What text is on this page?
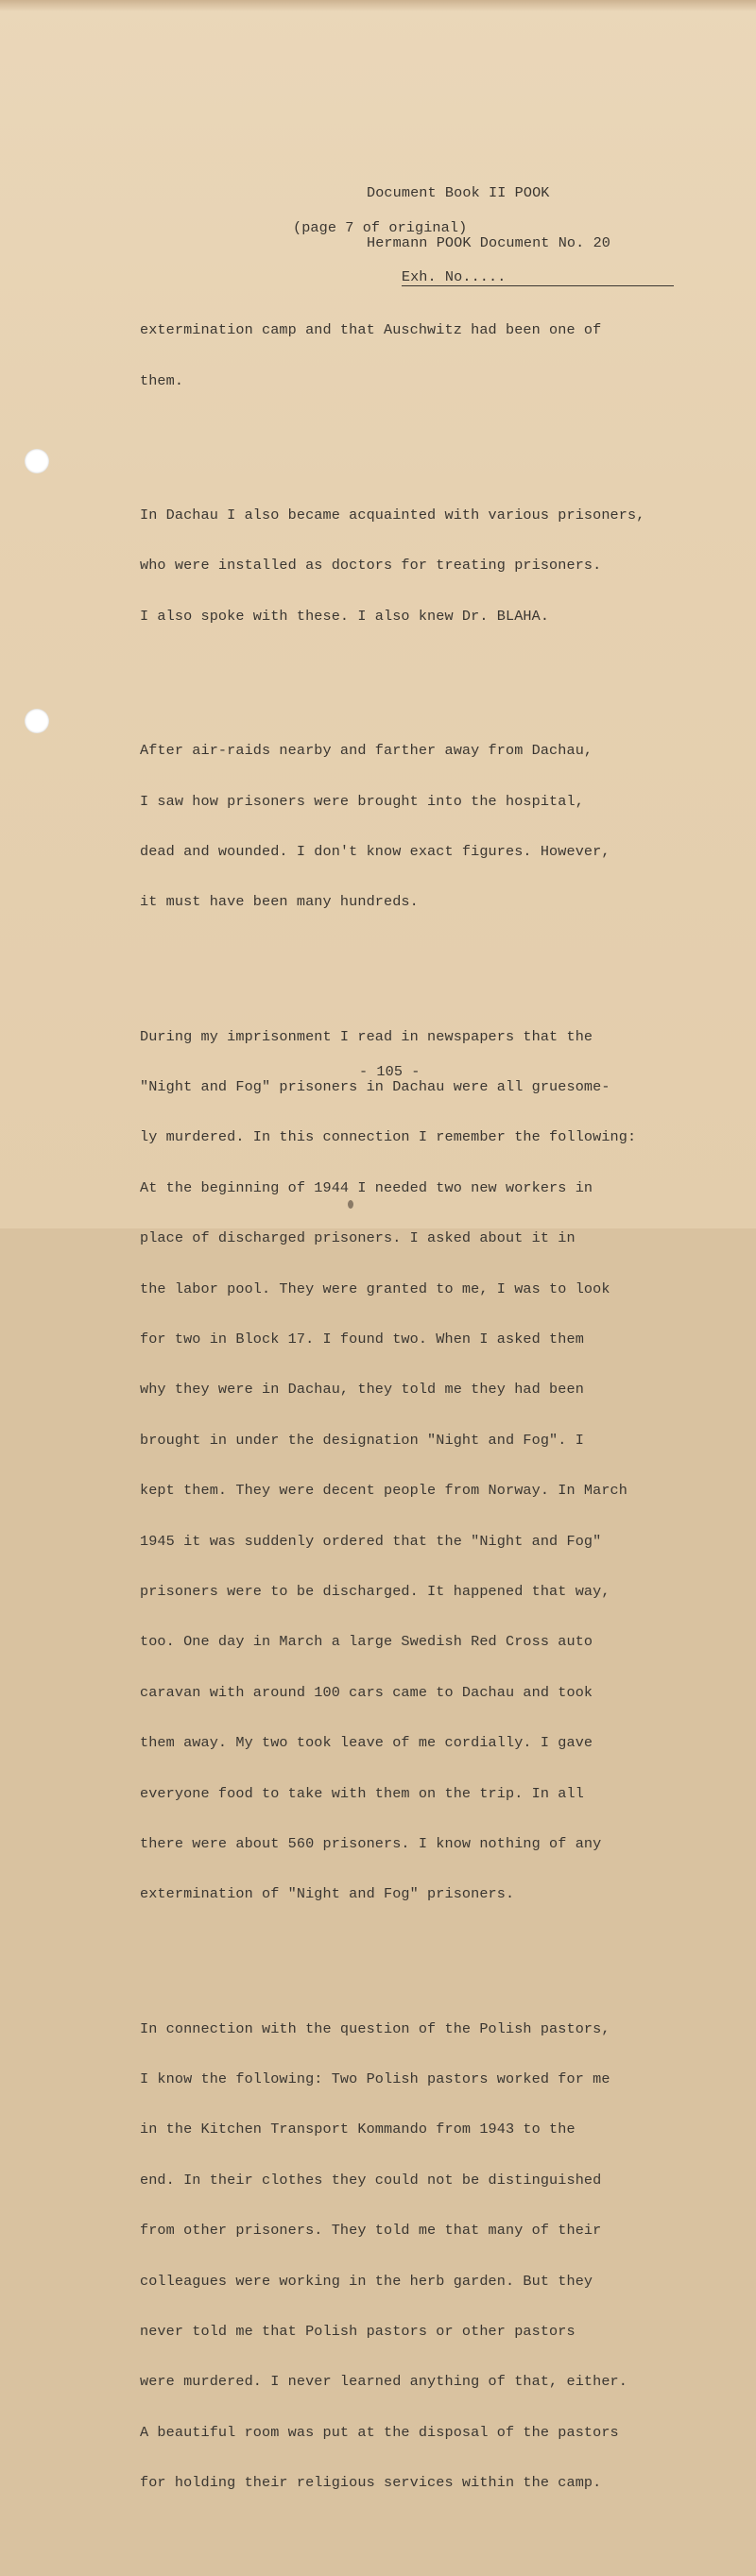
Document Book II POOK

Hermann POOK Document No. 20

Exh. No.....

(page 7 of original)

extermination camp and that Auschwitz had been one of

them.

In Dachau I also became acquainted with various prisoners,

who were installed as doctors for treating prisoners.

I also spoke with these. I also knew Dr. BLAHA.

After air-raids nearby and farther away from Dachau,

I saw how prisoners were brought into the hospital,

dead and wounded. I don't know exact figures. However,

it must have been many hundreds.

During my imprisonment I read in newspapers that the

"Night and Fog" prisoners in Dachau were all gruesome-

ly murdered. In this connection I remember the following:

At the beginning of 1944 I needed two new workers in

place of discharged prisoners. I asked about it in

the labor pool. They were granted to me, I was to look

for two in Block 17. I found two. When I asked them

why they were in Dachau, they told me they had been

brought in under the designation "Night and Fog". I

kept them. They were decent people from Norway. In March

1945 it was suddenly ordered that the "Night and Fog"

prisoners were to be discharged. It happened that way,

too. One day in March a large Swedish Red Cross auto

caravan with around 100 cars came to Dachau and took

them away. My two took leave of me cordially. I gave

everyone food to take with them on the trip. In all

there were about 560 prisoners. I know nothing of any

extermination of "Night and Fog" prisoners.

In connection with the question of the Polish pastors,

I know the following: Two Polish pastors worked for me

in the Kitchen Transport Kommando from 1943 to the

end. In their clothes they could not be distinguished

from other prisoners. They told me that many of their

colleagues were working in the herb garden. But they

never told me that Polish pastors or other pastors

were murdered. I never learned anything of that, either.

A beautiful room was put at the disposal of the pastors

for holding their religious services within the camp.

- 105 -
